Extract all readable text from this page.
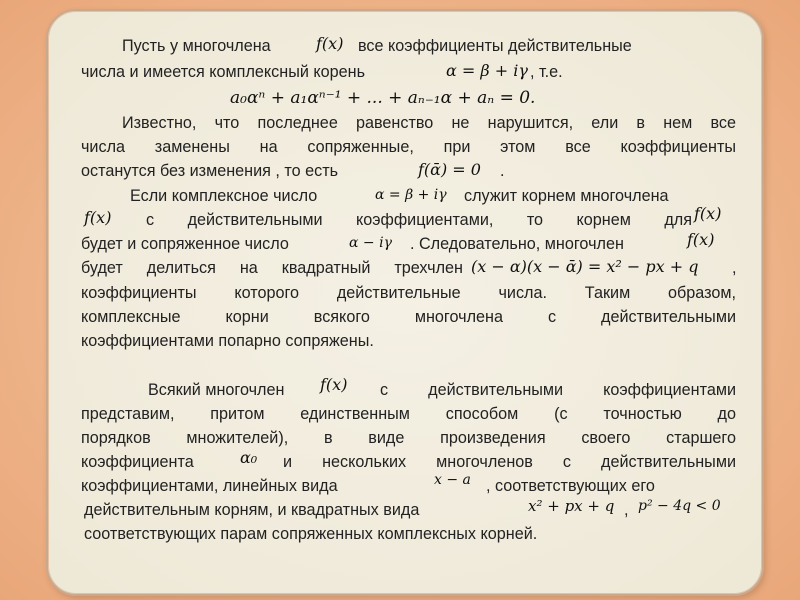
Пусть у многочлена	f(x) все коэффициенты действительные
числа и имеется комплексный корень	α = β + iγ , т.е.
a₀αⁿ + a₁αⁿ⁻¹ + ... + aₙ₋₁α + aₙ = 0.
Известно, что последнее равенство не нарушится, ели в нем все
числа заменены на сопряженные, при этом все коэффициенты
останутся без изменения , то есть	f(ᾱ) = 0 .
Если комплексное число	α = β + iγ служит корнем многочлена
f(x) с действительными коэффициентами, то корнем для f(x)
будет и сопряженное число	α − iγ . Следовательно, многочлен	f(x)
будет делиться на квадратный трехчлен (x − α)(x − ᾱ) = x² − px + q ,
коэффициенты которого действительные числа. Таким образом,
комплексные корни всякого многочлена с действительными
коэффициентами попарно сопряжены.
Всякий многочлен f(x) с действительными коэффициентами
представим, притом единственным способом (с точностью до
порядков множителей), в виде произведения своего старшего
коэффициента	α₀ и нескольких многочленов с действительными
коэффициентами, линейных вида	x − a , соответствующих его
действительным корням, и квадратных вида	x² + px + q , p² − 4q < 0
соответствующих парам сопряженных комплексных корней.
